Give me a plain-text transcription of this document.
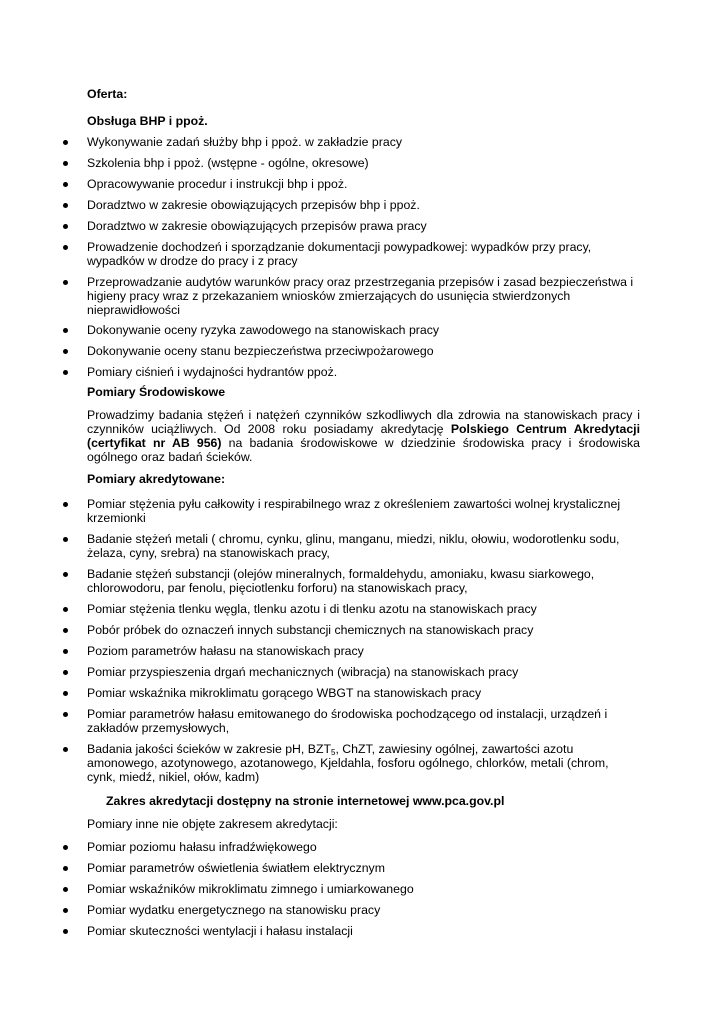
Oferta:

Obsługa BHP i ppoż.

Wykonywanie zadań służby bhp i ppoż. w zakładzie pracy
Szkolenia bhp i ppoż. (wstępne - ogólne, okresowe)
Opracowywanie procedur i instrukcji bhp i ppoż.
Doradztwo w zakresie obowiązujących przepisów bhp i ppoż.
Doradztwo w zakresie obowiązujących przepisów prawa pracy
Prowadzenie dochodzeń i sporządzanie dokumentacji powypadkowej: wypadków przy pracy, wypadków w drodze do pracy i z pracy
Przeprowadzanie audytów warunków pracy oraz przestrzegania przepisów i zasad bezpieczeństwa i higieny pracy wraz z przekazaniem wniosków zmierzających do usunięcia stwierdzonych nieprawidłowości
Dokonywanie oceny ryzyka zawodowego na stanowiskach pracy
Dokonywanie oceny stanu bezpieczeństwa przeciwpożarowego
Pomiary ciśnień i wydajności hydrantów ppoż.

Pomiary Środowiskowe

Prowadzimy badania stężeń i natężeń czynników szkodliwych dla zdrowia na stanowiskach pracy i czynników uciążliwych. Od 2008 roku posiadamy akredytację Polskiego Centrum Akredytacji (certyfikat nr AB 956) na badania środowiskowe w dziedzinie środowiska pracy i środowiska ogólnego oraz badań ścieków.

Pomiary akredytowane:

Pomiar stężenia pyłu całkowity i respirabilnego wraz z określeniem zawartości wolnej krystalicznej krzemionki
Badanie stężeń metali ( chromu, cynku, glinu, manganu, miedzi, niklu, ołowiu, wodorotlenku sodu, żelaza, cyny, srebra) na stanowiskach pracy,
Badanie stężeń substancji (olejów mineralnych, formaldehydu, amoniaku, kwasu siarkowego, chlorowodoru, par fenolu, pięciotlenku forforu) na stanowiskach pracy,
Pomiar stężenia tlenku węgla, tlenku azotu i di tlenku azotu na stanowiskach pracy
Pobór próbek do oznaczeń innych substancji chemicznych na stanowiskach pracy
Poziom parametrów hałasu na stanowiskach pracy
Pomiar przyspieszenia drgań mechanicznych (wibracja) na stanowiskach pracy
Pomiar wskaźnika mikroklimatu gorącego WBGT na stanowiskach pracy
Pomiar parametrów hałasu emitowanego do środowiska pochodzącego od instalacji, urządzeń i zakładów przemysłowych,
Badania jakości ścieków w zakresie pH, $BZT_5$, ChZT, zawiesiny ogólnej, zawartości azotu amonowego, azotynowego, azotanowego, Kjeldahla, fosforu ogólnego, chlorków, metali (chrom, cynk, miedź, nikiel, ołów, kadm)

Zakres akredytacji dostępny na stronie internetowej www.pca.gov.pl

Pomiary inne nie objęte zakresem akredytacji:

Pomiar poziomu hałasu infradźwiękowego
Pomiar parametrów oświetlenia światłem elektrycznym
Pomiar wskaźników mikroklimatu zimnego i umiarkowanego
Pomiar wydatku energetycznego na stanowisku pracy
Pomiar skuteczności wentylacji i hałasu instalacji
